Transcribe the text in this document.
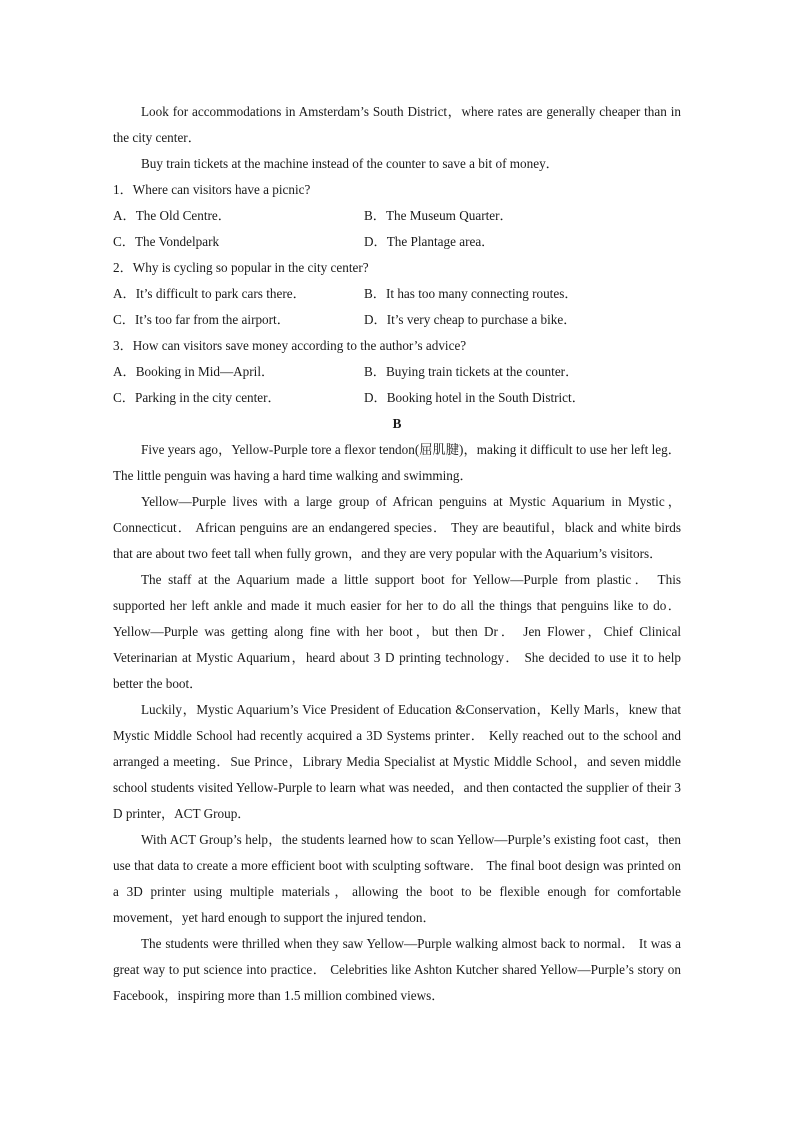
Look for accommodations in Amsterdam’s South District，where rates are generally cheaper than in the city center．

Buy train tickets at the machine instead of the counter to save a bit of money．

1．Where can visitors have a picnic?

A．The Old Centre．	B．The Museum Quarter．
C．The Vondelpark	D．The Plantage area．

2．Why is cycling so popular in the city center?

A．It’s difficult to park cars there．	B．It has too many connecting routes．
C．It’s too far from the airport．	D．It’s very cheap to purchase a bike．

3．How can visitors save money according to the author’s advice?

A．Booking in Mid—April．	B．Buying train tickets at the counter．
C．Parking in the city center．	D．Booking hotel in the South District．

B

Five years ago，Yellow-Purple tore a flexor tendon(屈肌腱)，making it difficult to use her left leg． The little penguin was having a hard time walking and swimming．

Yellow—Purple lives with a large group of African penguins at Mystic Aquarium in Mystic，Connecticut． African penguins are an endangered species． They are beautiful，black and white birds that are about two feet tall when fully grown，and they are very popular with the Aquarium’s visitors．

The staff at the Aquarium made a little support boot for Yellow—Purple from plastic． This supported her left ankle and made it much easier for her to do all the things that penguins like to do． Yellow—Purple was getting along fine with her boot，but then Dr． Jen Flower，Chief Clinical Veterinarian at Mystic Aquarium，heard about 3 D printing technology． She decided to use it to help better the boot．

Luckily，Mystic Aquarium’s Vice President of Education &Conservation，Kelly Marls，knew that Mystic Middle School had recently acquired a 3D Systems printer． Kelly reached out to the school and arranged a meeting．Sue Prince，Library Media Specialist at Mystic Middle School，and seven middle school students visited Yellow-Purple to learn what was needed，and then contacted the supplier of their 3 D printer，ACT Group．

With ACT Group’s help，the students learned how to scan Yellow—Purple’s existing foot cast，then use that data to create a more efficient boot with sculpting software． The final boot design was printed on a 3D printer using multiple materials，allowing the boot to be flexible enough for comfortable movement，yet hard enough to support the injured tendon．

The students were thrilled when they saw Yellow—Purple walking almost back to normal． It was a great way to put science into practice． Celebrities like Ashton Kutcher shared Yellow—Purple’s story on Facebook，inspiring more than 1.5 million combined views．
